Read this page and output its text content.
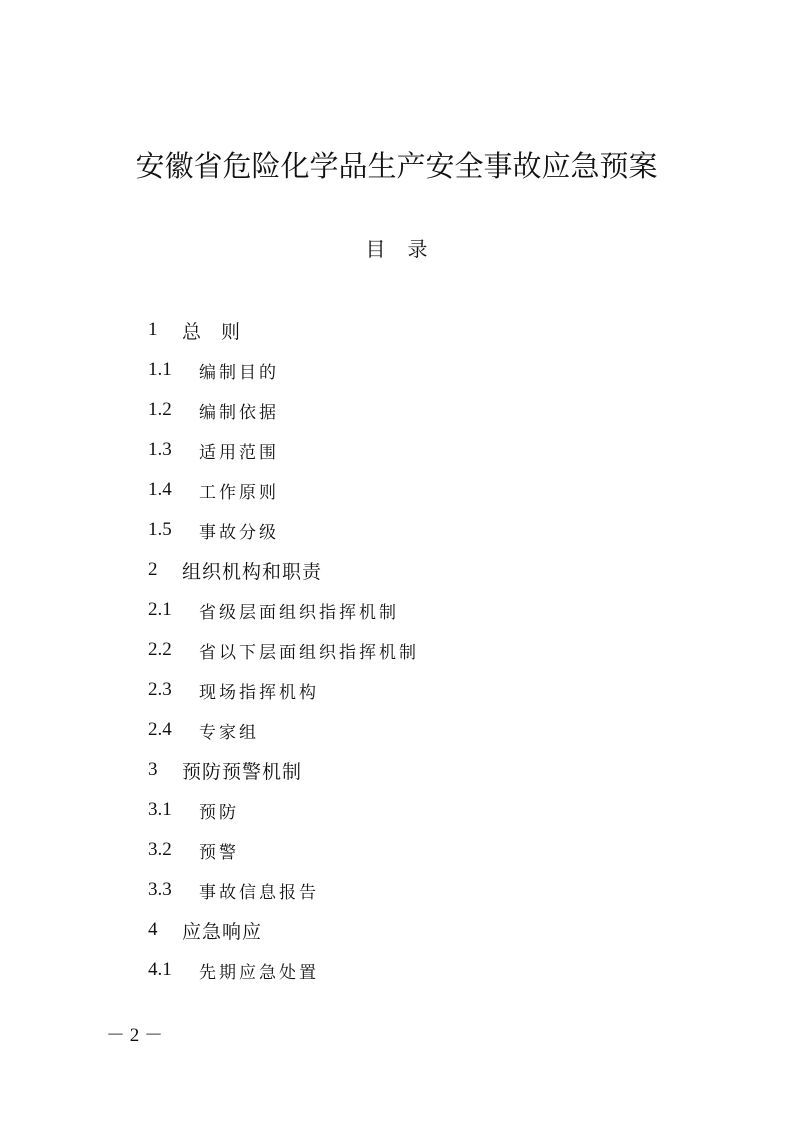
安徽省危险化学品生产安全事故应急预案
目录
1	总则
1.1	编制目的
1.2	编制依据
1.3	适用范围
1.4	工作原则
1.5	事故分级
2	组织机构和职责
2.1	省级层面组织指挥机制
2.2	省以下层面组织指挥机制
2.3	现场指挥机构
2.4	专家组
3	预防预警机制
3.1	预防
3.2	预警
3.3	事故信息报告
4	应急响应
4.1	先期应急处置
－ 2 －
